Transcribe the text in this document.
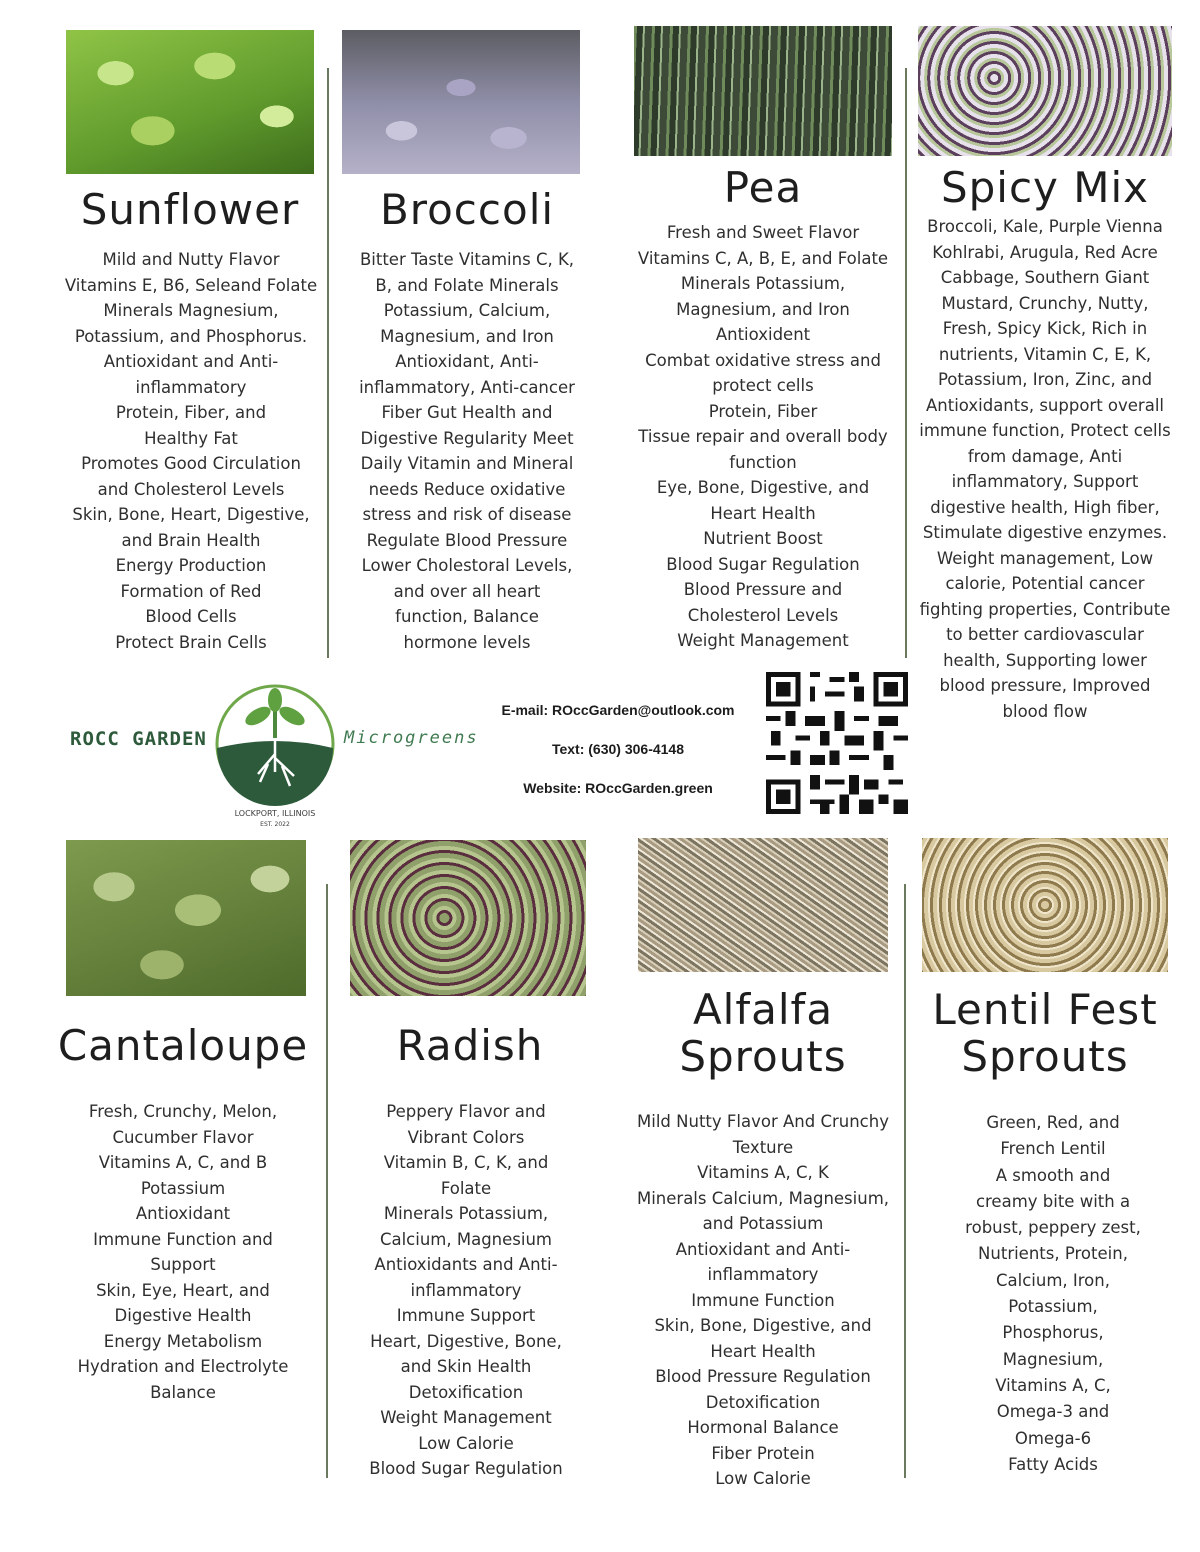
Sunflower

Mild and Nutty Flavor

Vitamins E, B6, Seleand Folate

Minerals Magnesium,

Potassium, and Phosphorus.

Antioxidant and Anti-

inflammatory

Protein, Fiber, and

Healthy Fat

Promotes Good Circulation

and Cholesterol Levels

Skin, Bone, Heart, Digestive,

and Brain Health

Energy Production

Formation of Red

Blood Cells

Protect Brain Cells

Broccoli

Bitter Taste Vitamins C, K,

B, and Folate Minerals

Potassium, Calcium,

Magnesium, and Iron

Antioxidant, Anti-

inflammatory, Anti-cancer

Fiber Gut Health and

Digestive Regularity Meet

Daily Vitamin and Mineral

needs Reduce oxidative

stress and risk of disease

Regulate Blood Pressure

Lower Cholestoral Levels,

and over all heart

function, Balance

hormone levels

Pea

Fresh and Sweet Flavor

Vitamins C, A, B, E, and Folate

Minerals Potassium,

Magnesium, and Iron

Antioxident

Combat oxidative stress and

protect cells

Protein, Fiber

Tissue repair and overall body

function

Eye, Bone, Digestive, and

Heart Health

Nutrient Boost

Blood Sugar Regulation

Blood Pressure and

Cholesterol Levels

Weight Management

Spicy Mix

Broccoli, Kale, Purple Vienna

Kohlrabi, Arugula, Red Acre

Cabbage, Southern Giant

Mustard, Crunchy, Nutty,

Fresh, Spicy Kick, Rich in

nutrients, Vitamin C, E, K,

Potassium, Iron, Zinc, and

Antioxidants, support overall

immune function, Protect cells

from damage, Anti

inflammatory, Support

digestive health, High fiber,

Stimulate digestive enzymes.

Weight management, Low

calorie, Potential cancer

fighting properties, Contribute

to better cardiovascular

health, Supporting lower

blood pressure, Improved

blood flow

Cantaloupe

Fresh, Crunchy, Melon,

Cucumber Flavor

Vitamins A, C, and B

Potassium

Antioxidant

Immune Function and

Support

Skin, Eye, Heart, and

Digestive Health

Energy Metabolism

Hydration and Electrolyte

Balance

Radish

Peppery Flavor and

Vibrant Colors

Vitamin B, C, K, and

Folate

Minerals Potassium,

Calcium, Magnesium

Antioxidants and Anti-

inflammatory

Immune Support

Heart, Digestive, Bone,

and Skin Health

Detoxification

Weight Management

Low Calorie

Blood Sugar Regulation

Alfalfa
Sprouts

Mild Nutty Flavor And Crunchy

Texture

Vitamins A, C, K

Minerals Calcium, Magnesium,

and Potassium

Antioxidant and Anti-

inflammatory

Immune Function

Skin, Bone, Digestive, and

Heart Health

Blood Pressure Regulation

Detoxification

Hormonal Balance

Fiber Protein

Low Calorie

Lentil Fest
Sprouts

Green, Red, and

French Lentil

A smooth and

creamy bite with a

robust, peppery zest,

Nutrients, Protein,

Calcium, Iron,

Potassium,

Phosphorus,

Magnesium,

Vitamins A, C,

Omega-3 and

Omega-6

Fatty Acids

ROCC GARDEN
LOCKPORT, ILLINOIS
EST. 2022
Microgreens
E-mail: ROccGarden@outlook.com
Text: (630) 306-4148
Website: ROccGarden.green
